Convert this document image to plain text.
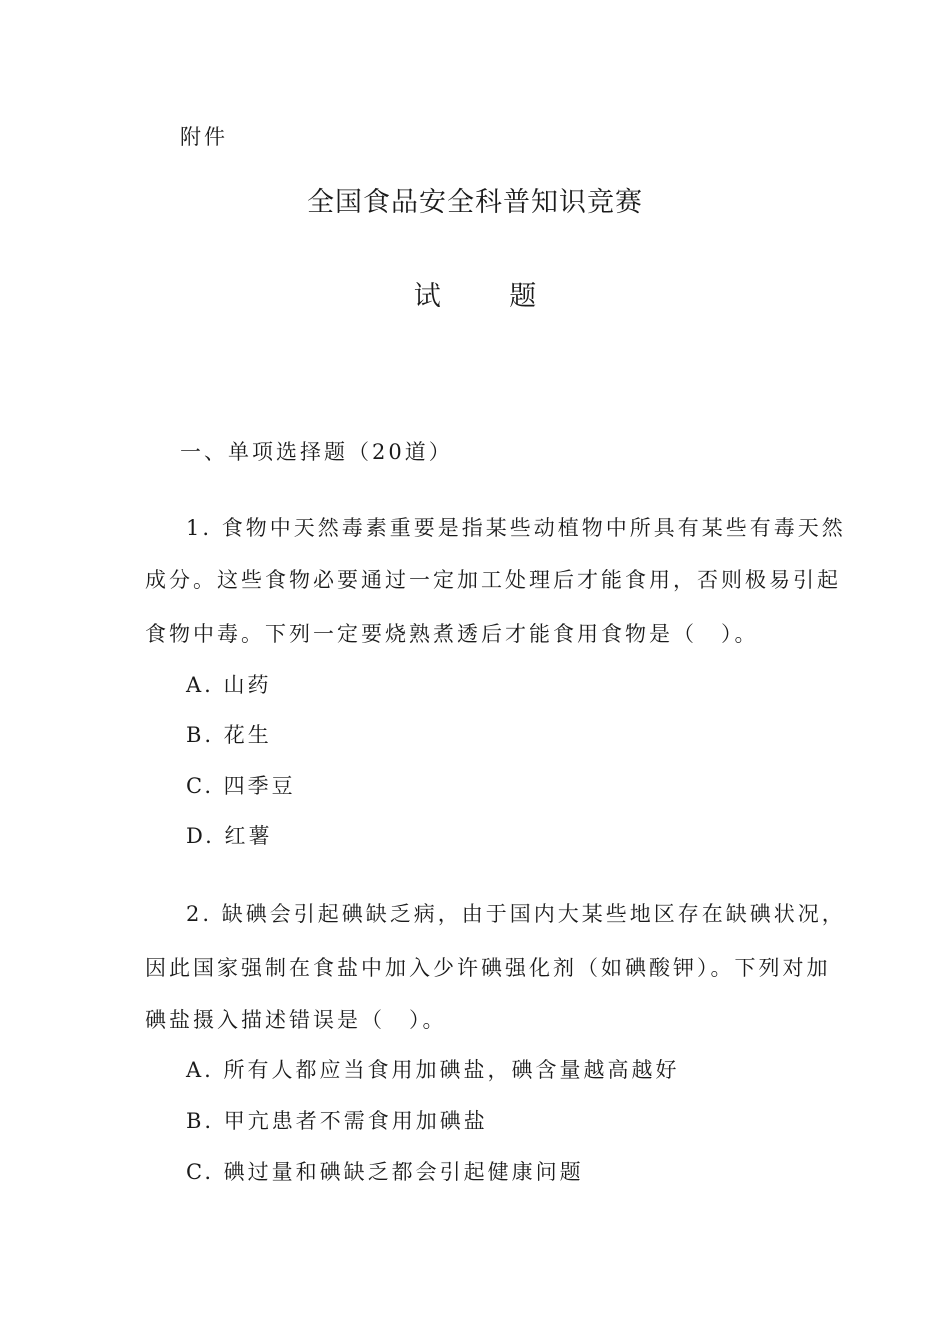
附件
全国食品安全科普知识竞赛
试 题
一、单项选择题（20道）
1. 食物中天然毒素重要是指某些动植物中所具有某些有毒天然
成分。这些食物必要通过一定加工处理后才能食用，否则极易引起
食物中毒。下列一定要烧熟煮透后才能食用食物是（　）。
A. 山药
B. 花生
C. 四季豆
D. 红薯
2. 缺碘会引起碘缺乏病，由于国内大某些地区存在缺碘状况，
因此国家强制在食盐中加入少许碘强化剂（如碘酸钾）。下列对加
碘盐摄入描述错误是（　）。
A. 所有人都应当食用加碘盐，碘含量越高越好
B. 甲亢患者不需食用加碘盐
C. 碘过量和碘缺乏都会引起健康问题
